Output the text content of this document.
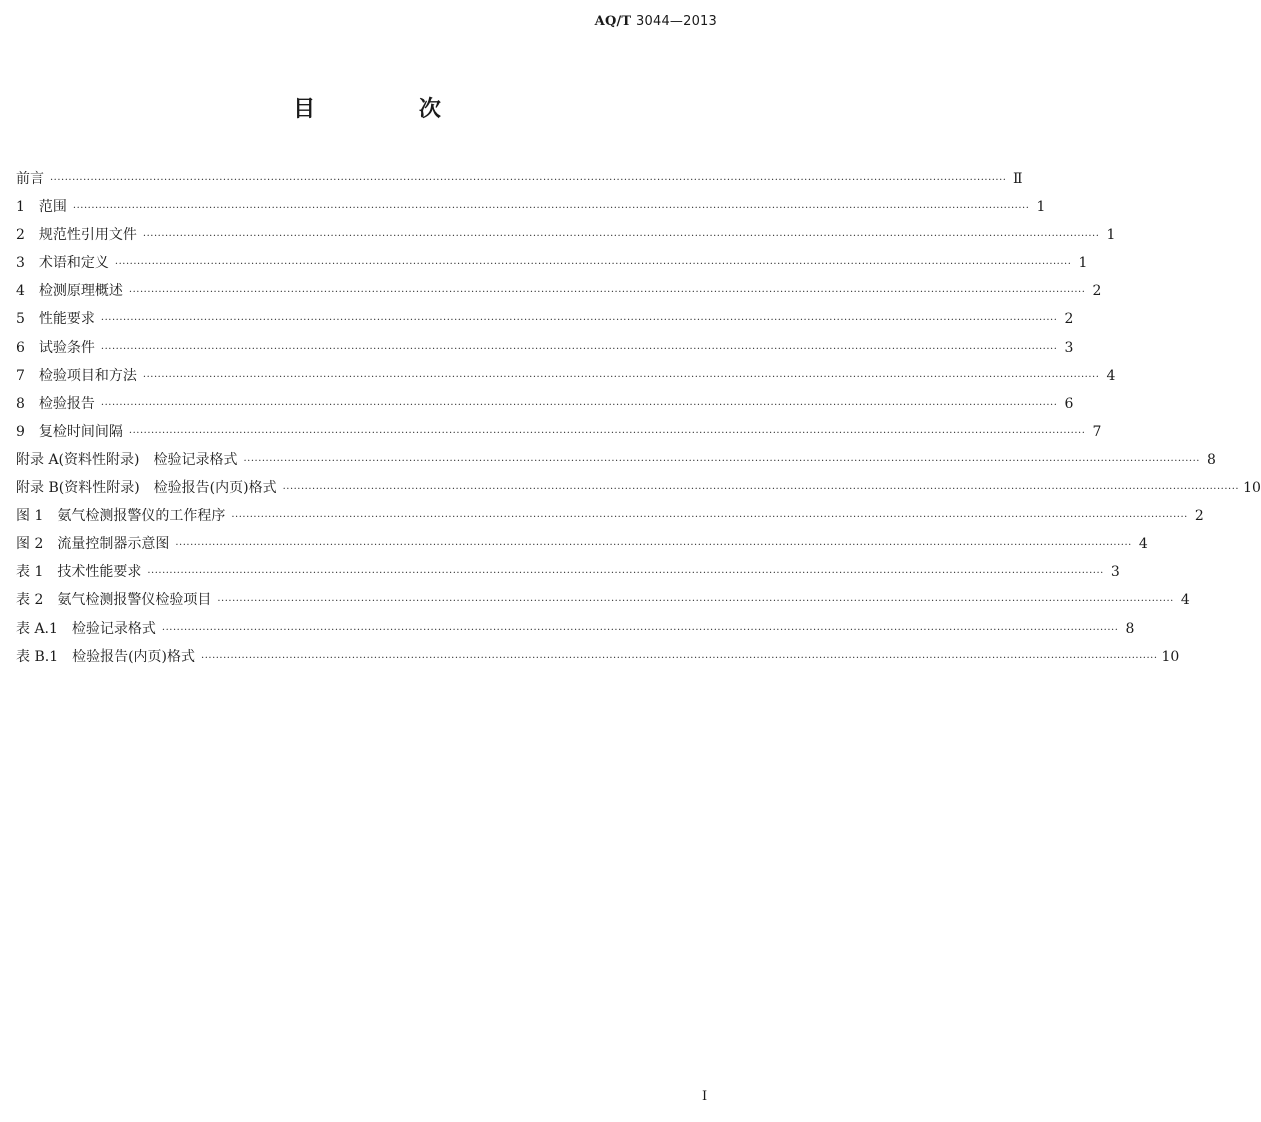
AQ/T 3044—2013
目 次
前言 ···································································································································································································································································· Ⅱ
1　范围 ···································································································································································································································································· 1
2　规范性引用文件 ···································································································································································································································································· 1
3　术语和定义 ···································································································································································································································································· 1
4　检测原理概述 ···································································································································································································································································· 2
5　性能要求 ···································································································································································································································································· 2
6　试验条件 ···································································································································································································································································· 3
7　检验项目和方法 ···································································································································································································································································· 4
8　检验报告 ···································································································································································································································································· 6
9　复检时间间隔 ···································································································································································································································································· 7
附录 A(资料性附录)　检验记录格式 ···································································································································································································································································· 8
附录 B(资料性附录)　检验报告(内页)格式 ···································································································································································································································································· 10
图 1　氨气检测报警仪的工作程序 ···································································································································································································································································· 2
图 2　流量控制器示意图 ···································································································································································································································································· 4
表 1　技术性能要求 ···································································································································································································································································· 3
表 2　氨气检测报警仪检验项目 ···································································································································································································································································· 4
表 A.1　检验记录格式 ···································································································································································································································································· 8
表 B.1　检验报告(内页)格式 ···································································································································································································································································· 10
Ⅰ
